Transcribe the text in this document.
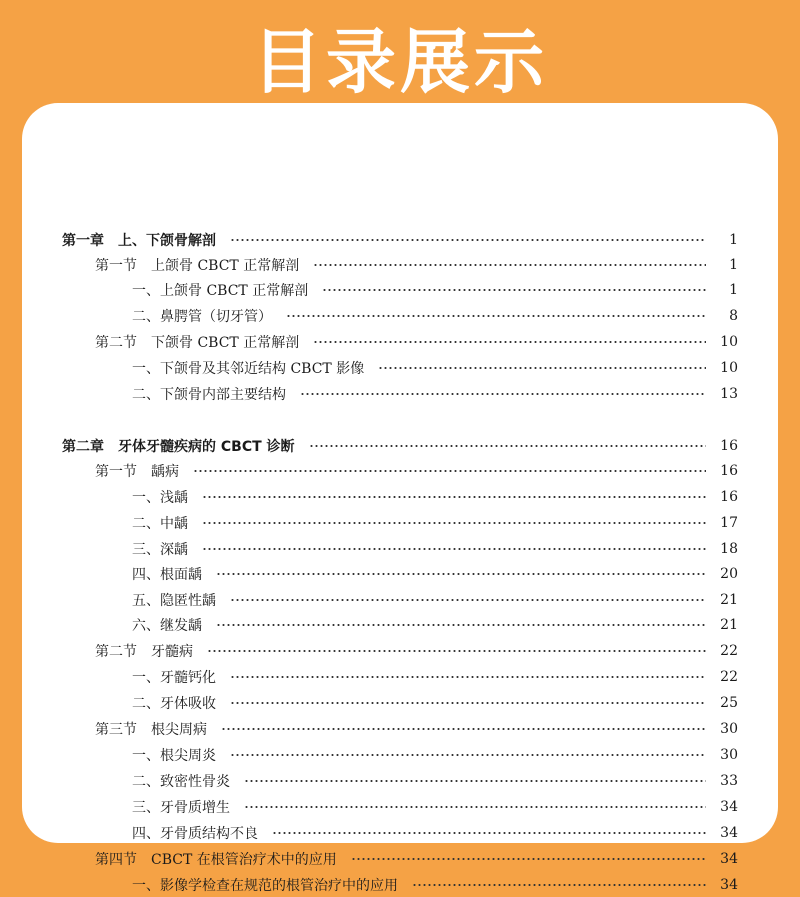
目录展示
第一章 上、下颌骨解剖	1
第一节 上颌骨 CBCT 正常解剖	1
一、上颌骨 CBCT 正常解剖	1
二、鼻腭管（切牙管）	8
第二节 下颌骨 CBCT 正常解剖	10
一、下颌骨及其邻近结构 CBCT 影像	10
二、下颌骨内部主要结构	13
第二章 牙体牙髓疾病的 CBCT 诊断	16
第一节 龋病	16
一、浅龋	16
二、中龋	17
三、深龋	18
四、根面龋	20
五、隐匿性龋	21
六、继发龋	21
第二节 牙髓病	22
一、牙髓钙化	22
二、牙体吸收	25
第三节 根尖周病	30
一、根尖周炎	30
二、致密性骨炎	33
三、牙骨质增生	34
四、牙骨质结构不良	34
第四节 CBCT 在根管治疗术中的应用	34
一、影像学检查在规范的根管治疗中的应用	34
